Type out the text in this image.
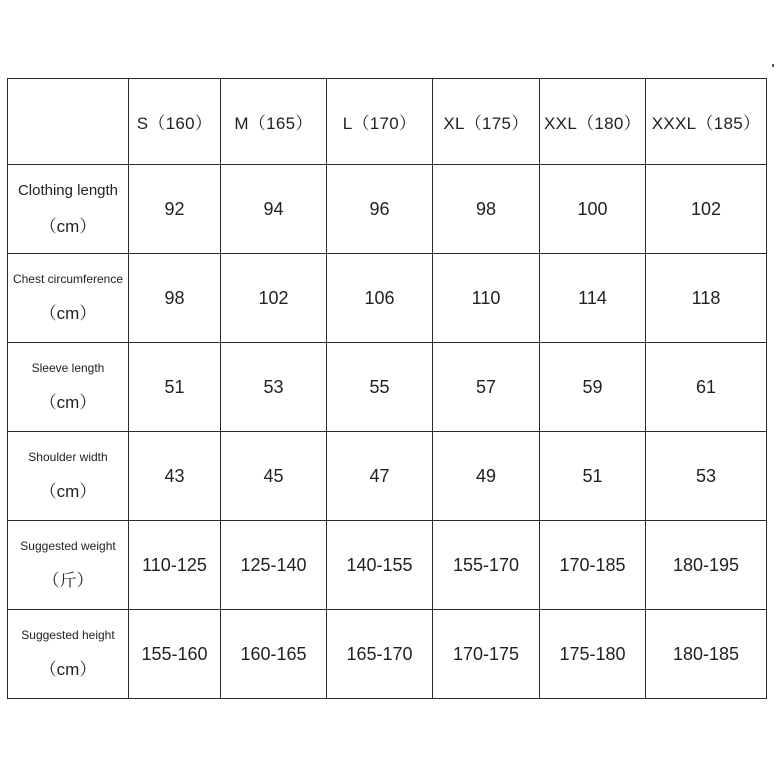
	S（160）	M（165）	L（170）	XL（175）	XXL（180）	XXXL（185）

Clothing length
（cm）	92	94	96	98	100	102

Chest circumference
（cm）	98	102	106	110	114	118

Sleeve length
（cm）	51	53	55	57	59	61

Shoulder width
（cm）	43	45	47	49	51	53

Suggested weight
（斤）	110-125	125-140	140-155	155-170	170-185	180-195

Suggested height
（cm）	155-160	160-165	165-170	170-175	175-180	180-185
